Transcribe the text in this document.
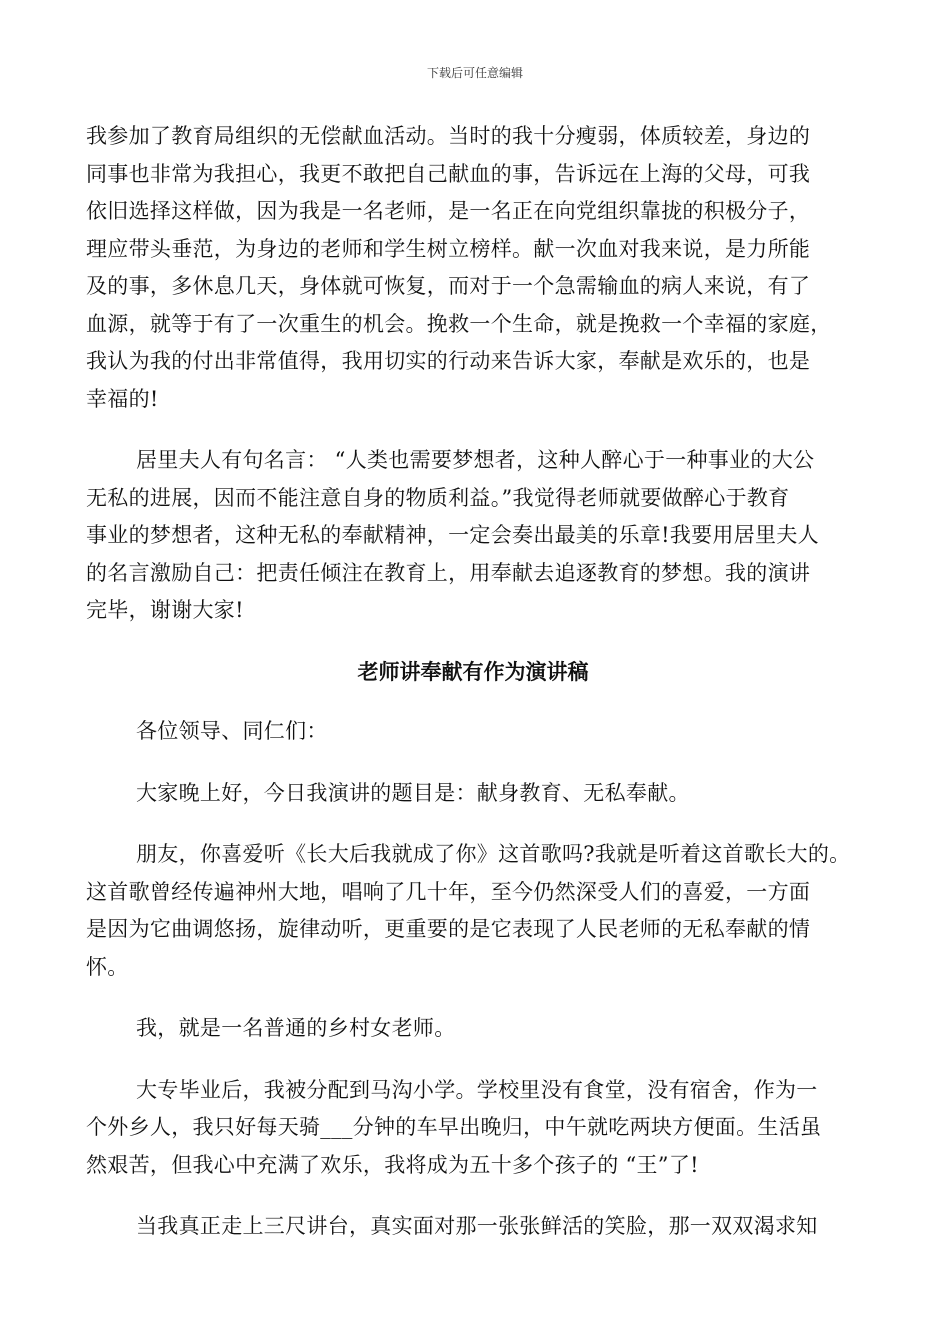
下载后可任意编辑
我参加了教育局组织的无偿献血活动。当时的我十分瘦弱，体质较差，身边的
同事也非常为我担心，我更不敢把自己献血的事，告诉远在上海的父母，可我
依旧选择这样做，因为我是一名老师，是一名正在向党组织靠拢的积极分子，
理应带头垂范，为身边的老师和学生树立榜样。献一次血对我来说，是力所能
及的事，多休息几天，身体就可恢复，而对于一个急需输血的病人来说，有了
血源，就等于有了一次重生的机会。挽救一个生命，就是挽救一个幸福的家庭，
我认为我的付出非常值得，我用切实的行动来告诉大家，奉献是欢乐的，也是
幸福的!
居里夫人有句名言： “人类也需要梦想者，这种人醉心于一种事业的大公
无私的进展，因而不能注意自身的物质利益。”我觉得老师就要做醉心于教育
事业的梦想者，这种无私的奉献精神，一定会奏出最美的乐章!我要用居里夫人
的名言激励自己：把责任倾注在教育上，用奉献去追逐教育的梦想。我的演讲
完毕，谢谢大家!
老师讲奉献有作为演讲稿
各位领导、同仁们：
大家晚上好，今日我演讲的题目是：献身教育、无私奉献。
朋友，你喜爱听《长大后我就成了你》这首歌吗?我就是听着这首歌长大的。
这首歌曾经传遍神州大地，唱响了几十年，至今仍然深受人们的喜爱，一方面
是因为它曲调悠扬，旋律动听，更重要的是它表现了人民老师的无私奉献的情
怀。
我，就是一名普通的乡村女老师。
大专毕业后，我被分配到马沟小学。学校里没有食堂，没有宿舍，作为一
个外乡人，我只好每天骑___分钟的车早出晚归，中午就吃两块方便面。生活虽
然艰苦，但我心中充满了欢乐，我将成为五十多个孩子的 “王”了!
当我真正走上三尺讲台，真实面对那一张张鲜活的笑脸，那一双双渴求知
